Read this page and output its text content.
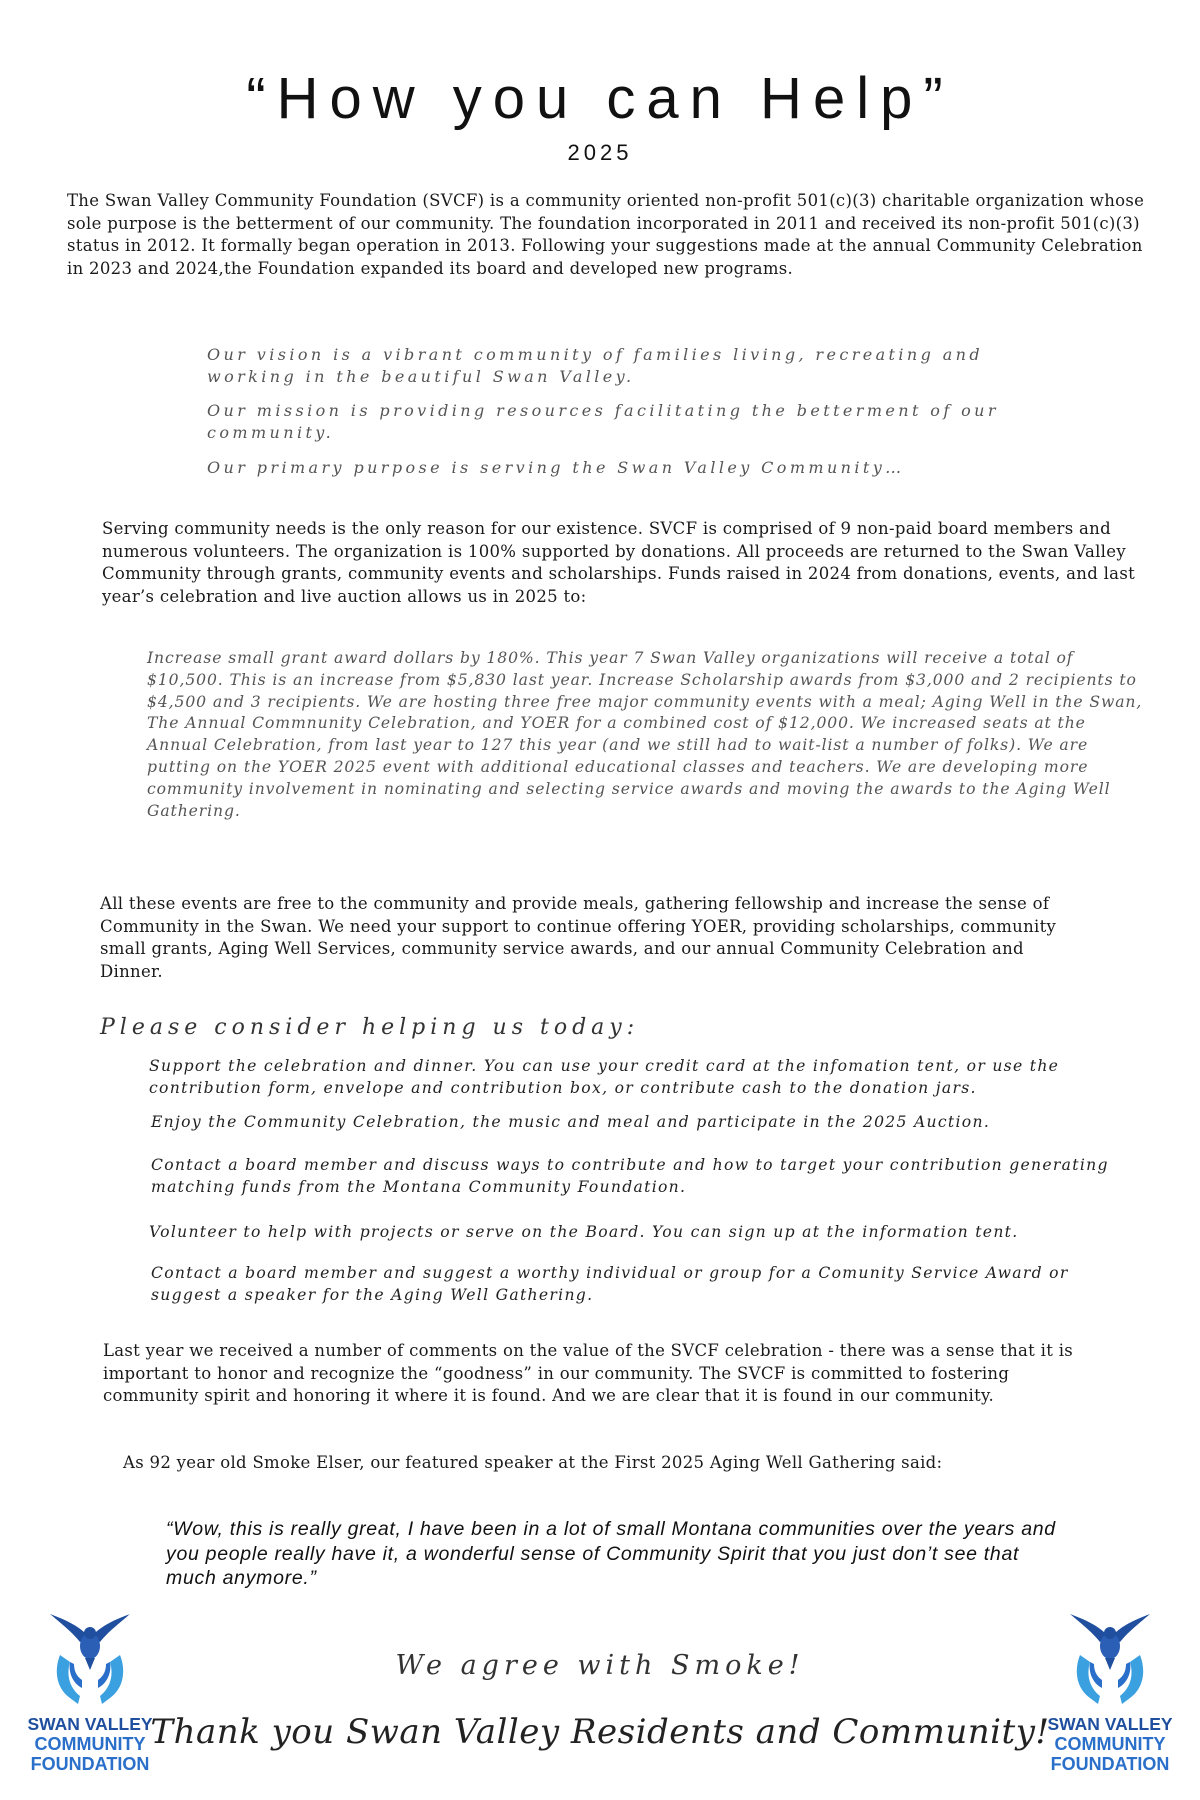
“How you can Help”
2025

The Swan Valley Community Foundation (SVCF) is a community oriented non-profit 501(c)(3) charitable organization whose sole purpose is the betterment of our community. The foundation incorporated in 2011 and received its non-profit 501(c)(3) status in 2012. It formally began operation in 2013. Following your suggestions made at the annual Community Celebration in 2023 and 2024,the Foundation expanded its board and developed new programs.

Our vision is a vibrant community of families living, recreating and working in the beautiful Swan Valley.

Our mission is providing resources facilitating the betterment of our community.

Our primary purpose is serving the Swan Valley Community…

Serving community needs is the only reason for our existence. SVCF is comprised of 9 non-paid board members and numerous volunteers. The organization is 100% supported by donations. All proceeds are returned to the Swan Valley Community through grants, community events and scholarships. Funds raised in 2024 from donations, events, and last year’s celebration and live auction allows us in 2025 to:

Increase small grant award dollars by 180%. This year 7 Swan Valley organizations will receive a total of $10,500. This is an increase from $5,830 last year. Increase Scholarship awards from $3,000 and 2 recipients to $4,500 and 3 recipients. We are hosting three free major community events with a meal; Aging Well in the Swan, The Annual Commnunity Celebration, and YOER for a combined cost of $12,000. We increased seats at the Annual Celebration, from last year to 127 this year (and we still had to wait-list a number of folks). We are putting on the YOER 2025 event with additional educational classes and teachers. We are developing more community involvement in nominating and selecting service awards and moving the awards to the Aging Well Gathering.

All these events are free to the community and provide meals, gathering fellowship and increase the sense of Community in the Swan. We need your support to continue offering YOER, providing scholarships, community small grants, Aging Well Services, community service awards, and our annual Community Celebration and Dinner.

Please consider helping us today:

Support the celebration and dinner. You can use your credit card at the infomation tent, or use the contribution form, envelope and contribution box, or contribute cash to the donation jars.

Enjoy the Community Celebration, the music and meal and participate in the 2025 Auction.

Contact a board member and discuss ways to contribute and how to target your contribution generating matching funds from the Montana Community Foundation.

Volunteer to help with projects or serve on the Board. You can sign up at the information tent.

Contact a board member and suggest a worthy individual or group for a Comunity Service Award or suggest a speaker for the Aging Well Gathering.

Last year we received a number of comments on the value of the SVCF celebration - there was a sense that it is important to honor and recognize the “goodness” in our community. The SVCF is committed to fostering community spirit and honoring it where it is found. And we are clear that it is found in our community.

As 92 year old Smoke Elser, our featured speaker at the First 2025 Aging Well Gathering said:

“Wow, this is really great, I have been in a lot of small Montana communities over the years and you people really have it, a wonderful sense of Community Spirit that you just don’t see that much anymore.”

We agree with Smoke!
Thank you Swan Valley Residents and Community!
SWAN VALLEY
COMMUNITY
FOUNDATION
SWAN VALLEY
COMMUNITY
FOUNDATION
